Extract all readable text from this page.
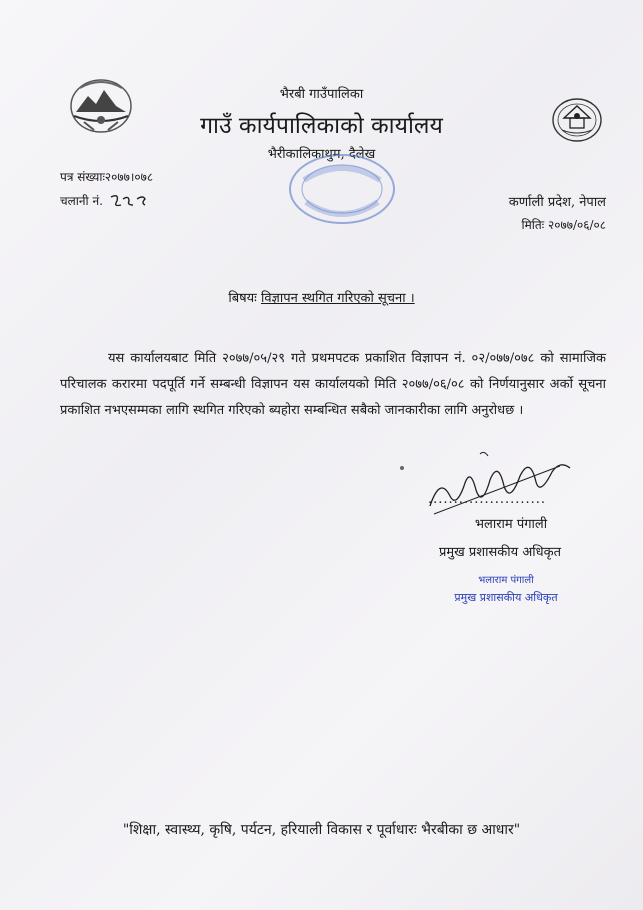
भैरबी गाउँपालिका
गाउँ कार्यपालिकाको कार्यालय
भैरीकालिकाथुम, दैलेख
पत्र संख्याः२०७७।०७८
चलानी नं.	कर्णाली प्रदेश, नेपाल
मितिः २०७७/०६/०८
बिषयः विज्ञापन स्थगित गरिएको सूचना ।
यस कार्यालयबाट मिति २०७७/०५/२९ गते प्रथमपटक प्रकाशित विज्ञापन नं. ०२/०७७/०७८ को सामाजिक परिचालक करारमा पदपूर्ति गर्ने सम्बन्धी विज्ञापन यस कार्यालयको मिति २०७७/०६/०८ को निर्णयानुसार अर्को सूचना प्रकाशित नभएसम्मका लागि स्थगित गरिएको ब्यहोरा सम्बन्धित सबैको जानकारीका लागि अनुरोधछ ।
.......................
भलाराम पंगाली
प्रमुख प्रशासकीय अधिकृत
भलाराम पंगाली
प्रमुख प्रशासकीय अधिकृत
"शिक्षा, स्वास्थ्य, कृषि, पर्यटन, हरियाली विकास र पूर्वाधारः भैरबीका छ आधार"
